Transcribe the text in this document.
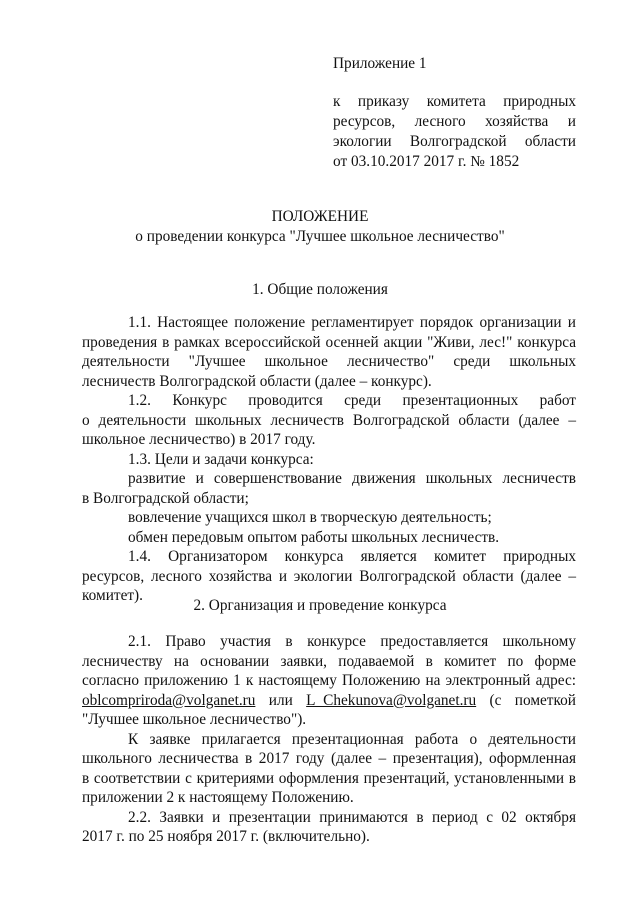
Приложение 1
к приказу комитета природных
ресурсов, лесного хозяйства и
экологии Волгоградской области
от 03.10.2017 2017 г. № 1852
ПОЛОЖЕНИЕ
о проведении конкурса "Лучшее школьное лесничество"
1. Общие положения
1.1. Настоящее положение регламентирует порядок организации и
проведения в рамках всероссийской осенней акции "Живи, лес!" конкурса
деятельности "Лучшее школьное лесничество" среди школьных
лесничеств Волгоградской области (далее – конкурс).
1.2. Конкурс проводится среди презентационных работ
о деятельности школьных лесничеств Волгоградской области (далее –
школьное лесничество) в 2017 году.
1.3. Цели и задачи конкурса:
развитие и совершенствование движения школьных лесничеств
в Волгоградской области;
вовлечение учащихся школ в творческую деятельность;
обмен передовым опытом работы школьных лесничеств.
1.4. Организатором конкурса является комитет природных
ресурсов, лесного хозяйства и экологии Волгоградской области (далее –
комитет).
2. Организация и проведение конкурса
2.1. Право участия в конкурсе предоставляется школьному
лесничеству на основании заявки, подаваемой в комитет по форме
согласно приложению 1 к настоящему Положению на электронный адрес:
oblcompriroda@volganet.ru или L_Chekunova@volganet.ru (с пометкой
"Лучшее школьное лесничество").
К заявке прилагается презентационная работа о деятельности
школьного лесничества в 2017 году (далее – презентация), оформленная
в соответствии с критериями оформления презентаций, установленными в
приложении 2 к настоящему Положению.
2.2. Заявки и презентации принимаются в период с 02 октября
2017 г. по 25 ноября 2017 г. (включительно).
